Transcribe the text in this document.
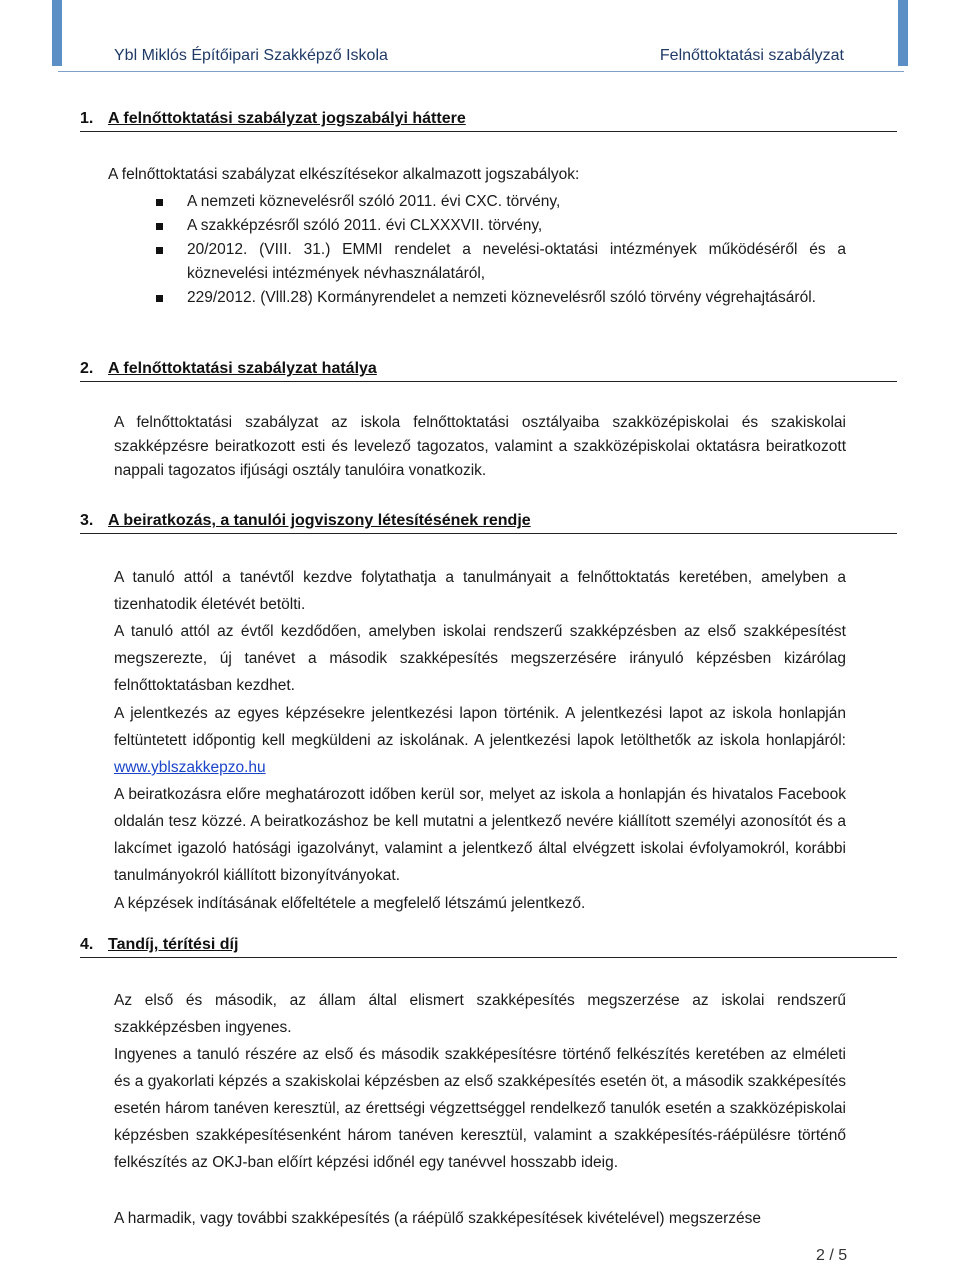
Ybl Miklós Építőipari Szakképző Iskola	Felnőttoktatási szabályzat
1. A felnőttoktatási szabályzat jogszabályi háttere
A felnőttoktatási szabályzat elkészítésekor alkalmazott jogszabályok:
A nemzeti köznevelésről szóló 2011. évi CXC. törvény,
A szakképzésről szóló 2011. évi CLXXXVII. törvény,
20/2012. (VIII. 31.) EMMI rendelet a nevelési-oktatási intézmények működéséről és a köznevelési intézmények névhasználatáról,
229/2012. (Vlll.28) Kormányrendelet a nemzeti köznevelésről szóló törvény végrehajtásáról.
2. A felnőttoktatási szabályzat hatálya
A felnőttoktatási szabályzat az iskola felnőttoktatási osztályaiba szakközépiskolai és szakiskolai szakképzésre beiratkozott esti és levelező tagozatos, valamint a szakközépiskolai oktatásra beiratkozott nappali tagozatos ifjúsági osztály tanulóira vonatkozik.
3. A beiratkozás, a tanulói jogviszony létesítésének rendje
A tanuló attól a tanévtől kezdve folytathatja a tanulmányait a felnőttoktatás keretében, amelyben a tizenhatodik életévét betölti.
A tanuló attól az évtől kezdődően, amelyben iskolai rendszerű szakképzésben az első szakképesítést megszerezte, új tanévet a második szakképesítés megszerzésére irányuló képzésben kizárólag felnőttoktatásban kezdhet.
A jelentkezés az egyes képzésekre jelentkezési lapon történik. A jelentkezési lapot az iskola honlapján feltüntetett időpontig kell megküldeni az iskolának. A jelentkezési lapok letölthetők az iskola honlapjáról: www.yblszakkepzo.hu
A beiratkozásra előre meghatározott időben kerül sor, melyet az iskola a honlapján és hivatalos Facebook oldalán tesz közzé. A beiratkozáshoz be kell mutatni a jelentkező nevére kiállított személyi azonosítót és a lakcímet igazoló hatósági igazolványt, valamint a jelentkező által elvégzett iskolai évfolyamokról, korábbi tanulmányokról kiállított bizonyítványokat.
A képzések indításának előfeltétele a megfelelő létszámú jelentkező.
4. Tandíj, térítési díj
Az első és második, az állam által elismert szakképesítés megszerzése az iskolai rendszerű szakképzésben ingyenes.
Ingyenes a tanuló részére az első és második szakképesítésre történő felkészítés keretében az elméleti és a gyakorlati képzés a szakiskolai képzésben az első szakképesítés esetén öt, a második szakképesítés esetén három tanéven keresztül, az érettségi végzettséggel rendelkező tanulók esetén a szakközépiskolai képzésben szakképesítésenként három tanéven keresztül, valamint a szakképesítés-ráépülésre történő felkészítés az OKJ-ban előírt képzési időnél egy tanévvel hosszabb ideig.
A harmadik, vagy további szakképesítés (a ráépülő szakképesítések kivételével) megszerzése
2 / 5
